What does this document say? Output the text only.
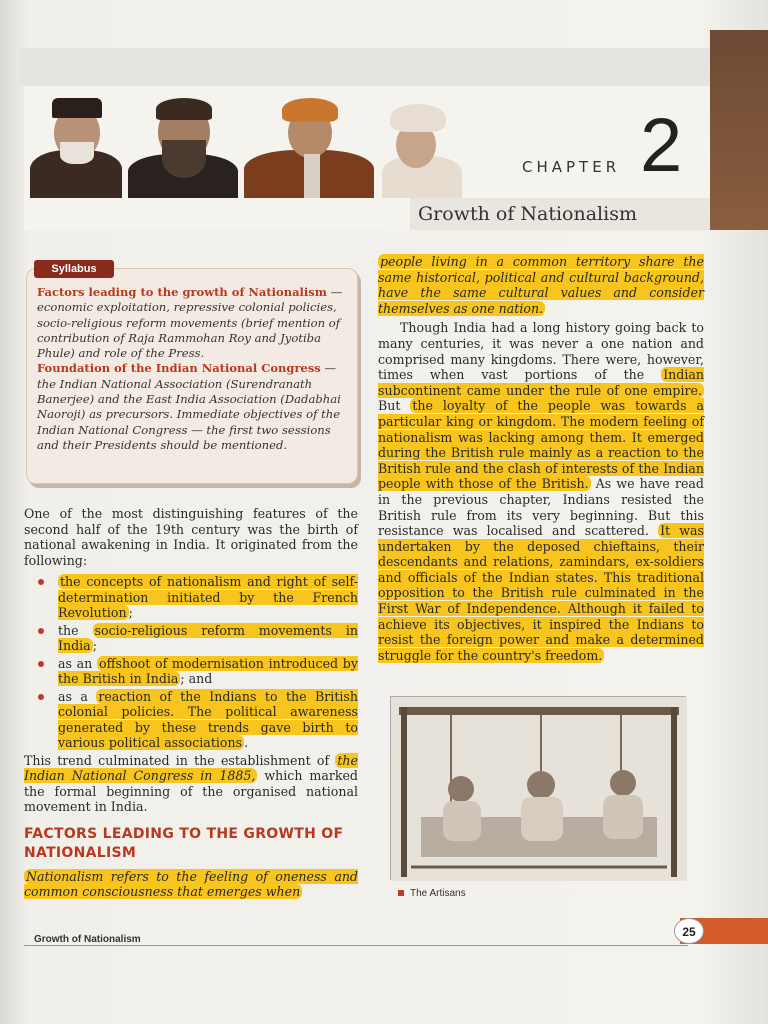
CHAPTER 2
Growth of Nationalism
Factors leading to the growth of Nationalism — economic exploitation, repressive colonial policies, socio-religious reform movements (brief mention of contribution of Raja Rammohan Roy and Jyotiba Phule) and role of the Press.
Foundation of the Indian National Congress —the Indian National Association (Surendranath Banerjee) and the East India Association (Dadabhai Naoroji) as precursors. Immediate objectives of the Indian National Congress — the first two sessions and their Presidents should be mentioned.
Syllabus

One of the most distinguishing features of the second half of the 19th century was the birth of national awakening in India. It originated from the following:

the concepts of nationalism and right of self-determination initiated by the French Revolution ;
the socio-religious reform movements in India ;
as an offshoot of modernisation introduced by the British in India ; and
as a reaction of the Indians to the British colonial policies. The political awareness generated by these trends gave birth to various political associations .

This trend culminated in the establishment of the Indian National Congress in 1885, which marked the formal beginning of the organised national movement in India.

FACTORS LEADING TO THE GROWTH OF NATIONALISM

Nationalism refers to the feeling of oneness and common consciousness that emerges when

people living in a common territory share the same historical, political and cultural background, have the same cultural values and consider themselves as one nation.

Though India had a long history going back to many centuries, it was never a one nation and comprised many kingdoms. There were, however, times when vast portions of the Indian subcontinent came under the rule of one empire. But the loyalty of the people was towards a particular king or kingdom. The modern feeling of nationalism was lacking among them. It emerged during the British rule mainly as a reaction to the British rule and the clash of interests of the Indian people with those of the British. As we have read in the previous chapter, Indians resisted the British rule from its very beginning. But this resistance was localised and scattered. It was undertaken by the deposed chieftains, their descendants and relations, zamindars, ex-soldiers and officials of the Indian states. This traditional opposition to the British rule culminated in the First War of Independence. Although it failed to achieve its objectives, it inspired the Indians to resist the foreign power and make a determined struggle for the country's freedom.

The Artisans
Growth of Nationalism
25
